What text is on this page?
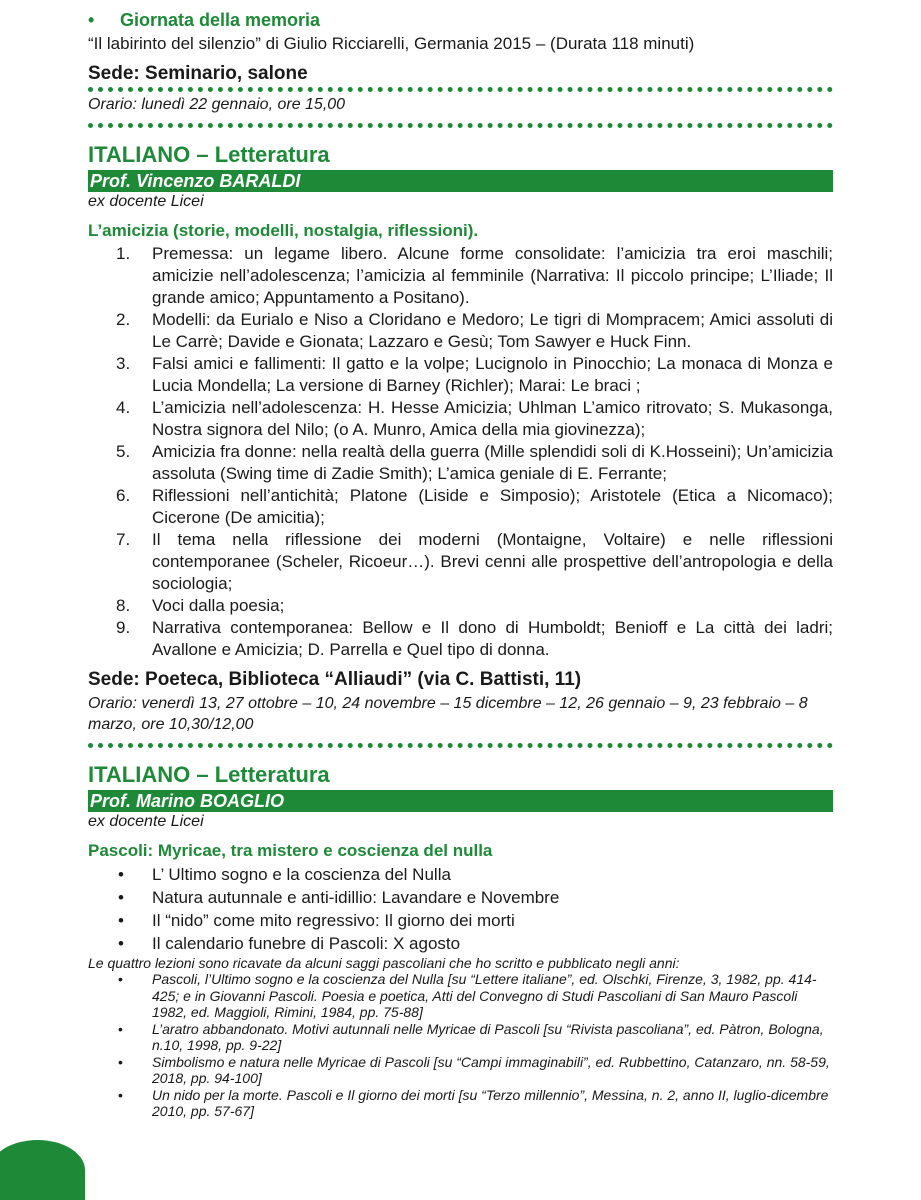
•	Giornata della memoria

“Il labirinto del silenzio” di Giulio Ricciarelli, Germania 2015 – (Durata 118 minuti)

Sede: Seminario, salone
Orario: lunedì 22 gennaio, ore 15,00
ITALIANO – Letteratura
Prof. Vincenzo BARALDI
ex docente Licei
L’amicizia (storie, modelli, nostalgia, riflessioni).
1.	Premessa: un legame libero. Alcune forme consolidate: l’amicizia tra eroi maschili; amicizie nell’adolescenza; l’amicizia al femminile (Narrativa: Il piccolo principe; L’Iliade; Il grande amico; Appuntamento a Positano).
2.	Modelli: da Eurialo e Niso a Cloridano e Medoro; Le tigri di Mompracem; Amici assoluti di Le Carrè; Davide e Gionata; Lazzaro e Gesù; Tom Sawyer e Huck Finn.
3.	Falsi amici e fallimenti: Il gatto e la volpe; Lucignolo in Pinocchio; La monaca di Monza e Lucia Mondella; La versione di Barney (Richler); Marai: Le braci ;
4.	L’amicizia nell’adolescenza: H. Hesse Amicizia; Uhlman L’amico ritrovato; S. Mukasonga, Nostra signora del Nilo; (o A. Munro, Amica della mia giovinezza);
5.	Amicizia fra donne: nella realtà della guerra (Mille splendidi soli di K.Hosseini); Un’amicizia assoluta (Swing time di Zadie Smith); L’amica geniale di E. Ferrante;
6.	Riflessioni nell’antichità; Platone (Liside e Simposio); Aristotele (Etica a Nicomaco); Cicerone (De amicitia);
7.	Il tema nella riflessione dei moderni (Montaigne, Voltaire) e nelle riflessioni contemporanee (Scheler, Ricoeur…). Brevi cenni alle prospettive dell’antropologia e della sociologia;
8.	Voci dalla poesia;
9.	Narrativa contemporanea: Bellow e Il dono di Humboldt; Benioff e La città dei ladri; Avallone e Amicizia; D. Parrella e Quel tipo di donna.
Sede: Poeteca, Biblioteca “Alliaudi” (via C. Battisti, 11)
Orario: venerdì 13, 27 ottobre – 10, 24 novembre – 15 dicembre – 12, 26 gennaio – 9, 23 febbraio – 8 marzo, ore 10,30/12,00
ITALIANO – Letteratura
Prof. Marino BOAGLIO
ex docente Licei
Pascoli: Myricae, tra mistero e coscienza del nulla
•	L’ Ultimo sogno e la coscienza del Nulla
•	Natura autunnale e anti-idillio: Lavandare e Novembre
•	Il “nido” come mito regressivo: Il giorno dei morti
•	Il calendario funebre di Pascoli: X agosto

Le quattro lezioni sono ricavate da alcuni saggi pascoliani che ho scritto e pubblicato negli anni:

•	Pascoli, l’Ultimo sogno e la coscienza del Nulla [su “Lettere italiane”, ed. Olschki, Firenze, 3, 1982, pp. 414-425; e in Giovanni Pascoli. Poesia e poetica, Atti del Convegno di Studi Pascoliani di San Mauro Pascoli 1982, ed. Maggioli, Rimini, 1984, pp. 75-88]
•	L’aratro abbandonato. Motivi autunnali nelle Myricae di Pascoli [su “Rivista pascoliana”, ed. Pàtron, Bologna, n.10, 1998, pp. 9-22]
•	Simbolismo e natura nelle Myricae di Pascoli [su “Campi immaginabili”, ed. Rubbettino, Catanzaro, nn. 58-59, 2018, pp. 94-100]
•	Un nido per la morte. Pascoli e Il giorno dei morti [su “Terzo millennio”, Messina, n. 2, anno II, luglio-dicembre 2010, pp. 57-67]
